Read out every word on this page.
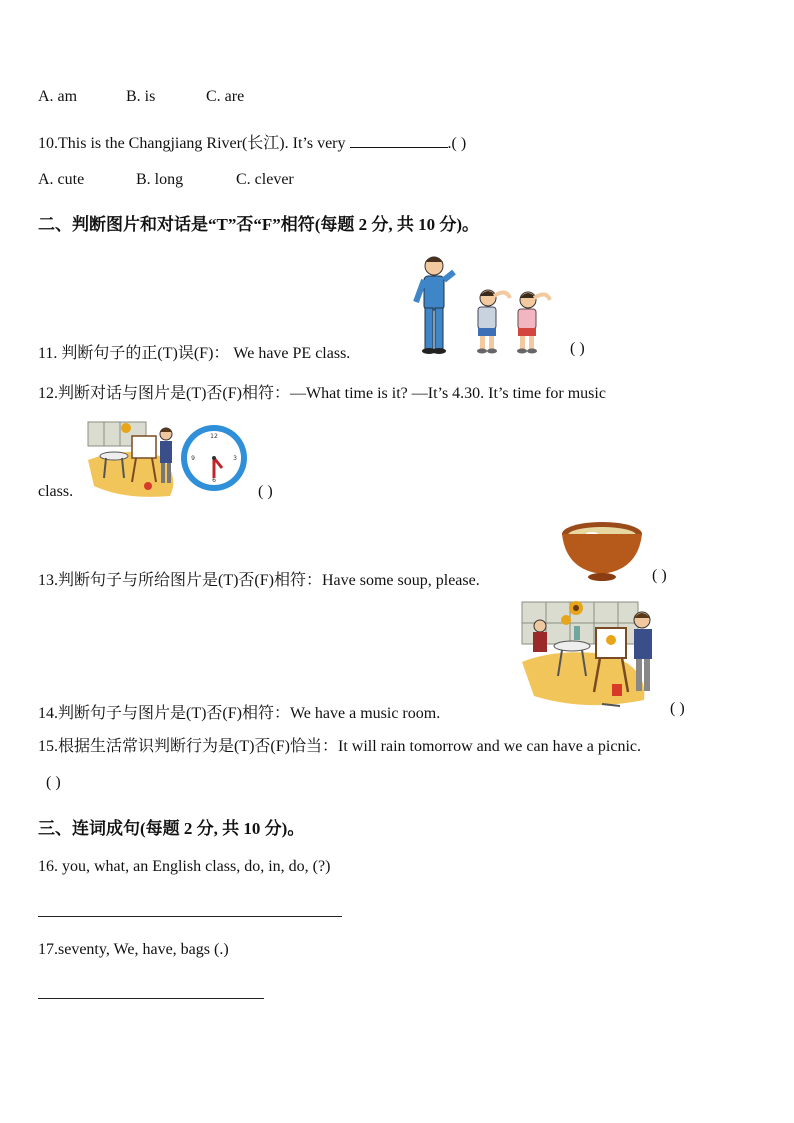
A. am	B. is	C. are
10.This is the Changjiang River(长江). It’s very	.( )
A. cute	B. long	C. clever
二、判断图片和对话是“T”否“F”相符(每题 2 分, 共 10 分)。
11. 判断句子的正(T)误(F)： We have PE class.	( )
12.判断对话与图片是(T)否(F)相符：—What time is it? —It’s 4.30. It’s time for music
12
3
6
9
class.	( )
13.判断句子与所给图片是(T)否(F)相符：Have some soup, please.	( )
14.判断句子与图片是(T)否(F)相符：We have a music room.	( )
15.根据生活常识判断行为是(T)否(F)恰当：It will rain tomorrow and we can have a picnic.
( )
三、连词成句(每题 2 分, 共 10 分)。
16. you, what, an English class, do, in, do, (?)
17.seventy, We, have, bags (.)
